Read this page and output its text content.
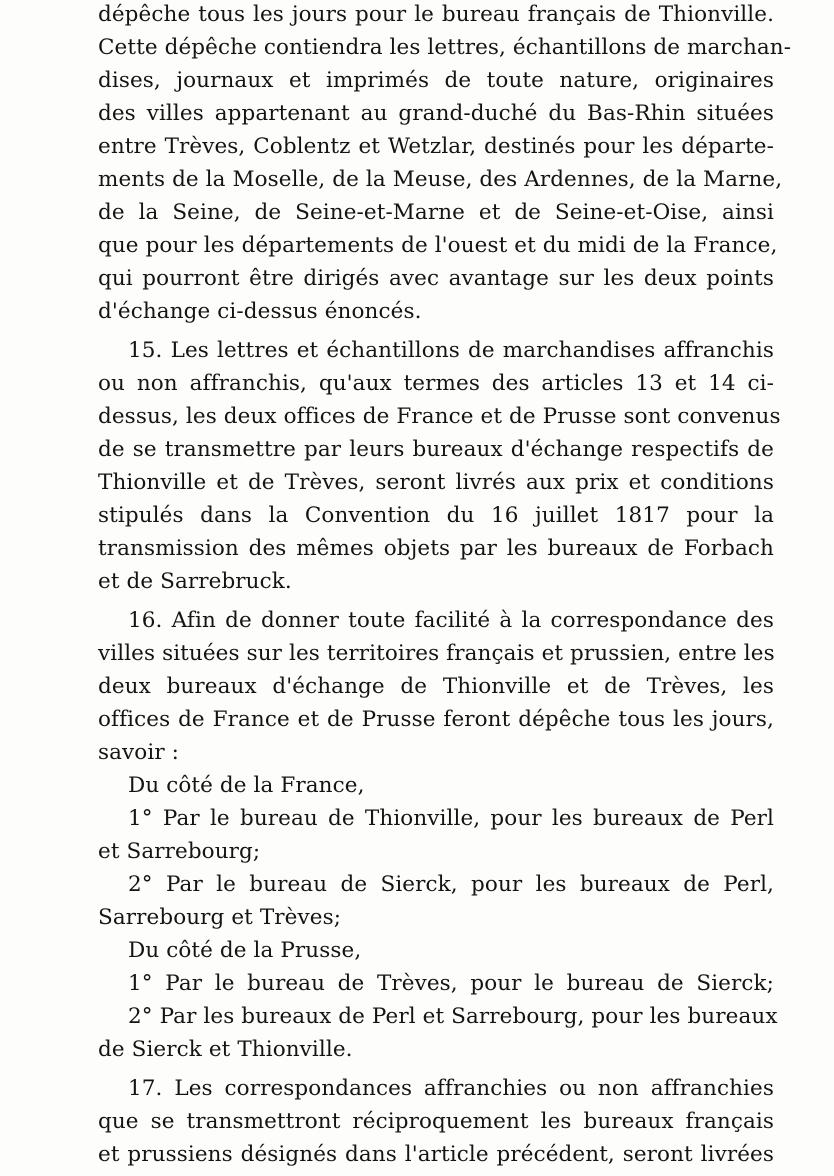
dépêche tous les jours pour le bureau français de Thionville.
Cette dépêche contiendra les lettres, échantillons de marchan-
dises, journaux et imprimés de toute nature, originaires
des villes appartenant au grand-duché du Bas-Rhin situées
entre Trèves, Coblentz et Wetzlar, destinés pour les départe-
ments de la Moselle, de la Meuse, des Ardennes, de la Marne,
de la Seine, de Seine-et-Marne et de Seine-et-Oise, ainsi
que pour les départements de l'ouest et du midi de la France,
qui pourront être dirigés avec avantage sur les deux points
d'échange ci-dessus énoncés.
15. Les lettres et échantillons de marchandises affranchis
ou non affranchis, qu'aux termes des articles 13 et 14 ci-
dessus, les deux offices de France et de Prusse sont convenus
de se transmettre par leurs bureaux d'échange respectifs de
Thionville et de Trèves, seront livrés aux prix et conditions
stipulés dans la Convention du 16 juillet 1817 pour la
transmission des mêmes objets par les bureaux de Forbach
et de Sarrebruck.
16. Afin de donner toute facilité à la correspondance des
villes situées sur les territoires français et prussien, entre les
deux bureaux d'échange de Thionville et de Trèves, les
offices de France et de Prusse feront dépêche tous les jours,
savoir :
Du côté de la France,
1° Par le bureau de Thionville, pour les bureaux de Perl
et Sarrebourg;
2° Par le bureau de Sierck, pour les bureaux de Perl,
Sarrebourg et Trèves;
Du côté de la Prusse,
1° Par le bureau de Trèves, pour le bureau de Sierck;
2° Par les bureaux de Perl et Sarrebourg, pour les bureaux
de Sierck et Thionville.
17. Les correspondances affranchies ou non affranchies
que se transmettront réciproquement les bureaux français
et prussiens désignés dans l'article précédent, seront livrées
